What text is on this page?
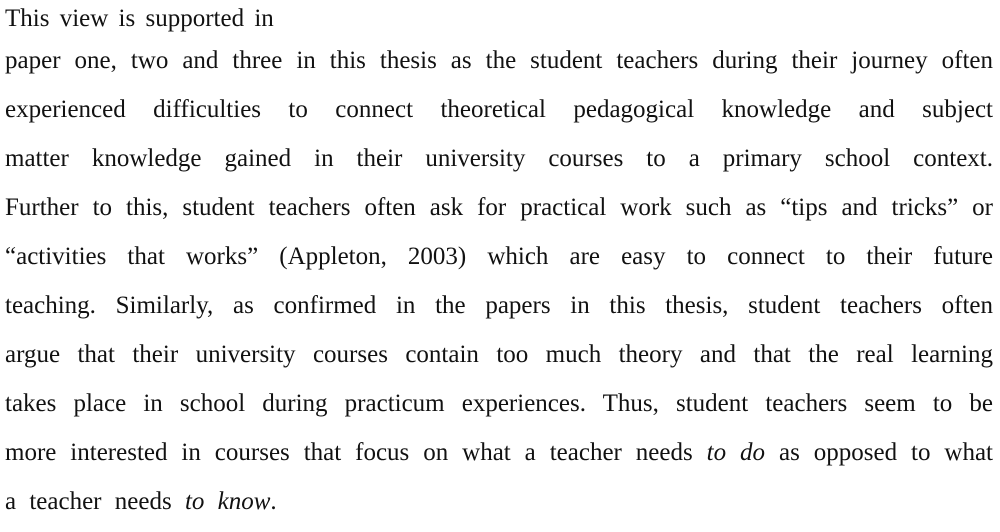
This view is supported in
paper one, two and three in this thesis as the student teachers during their journey often
experienced difficulties to connect theoretical pedagogical knowledge and subject
matter knowledge gained in their university courses to a primary school context.
Further to this, student teachers often ask for practical work such as “tips and tricks” or
“activities that works” (Appleton, 2003) which are easy to connect to their future
teaching. Similarly, as confirmed in the papers in this thesis, student teachers often
argue that their university courses contain too much theory and that the real learning
takes place in school during practicum experiences. Thus, student teachers seem to be
more interested in courses that focus on what a teacher needs to do as opposed to what
a teacher needs to know.
